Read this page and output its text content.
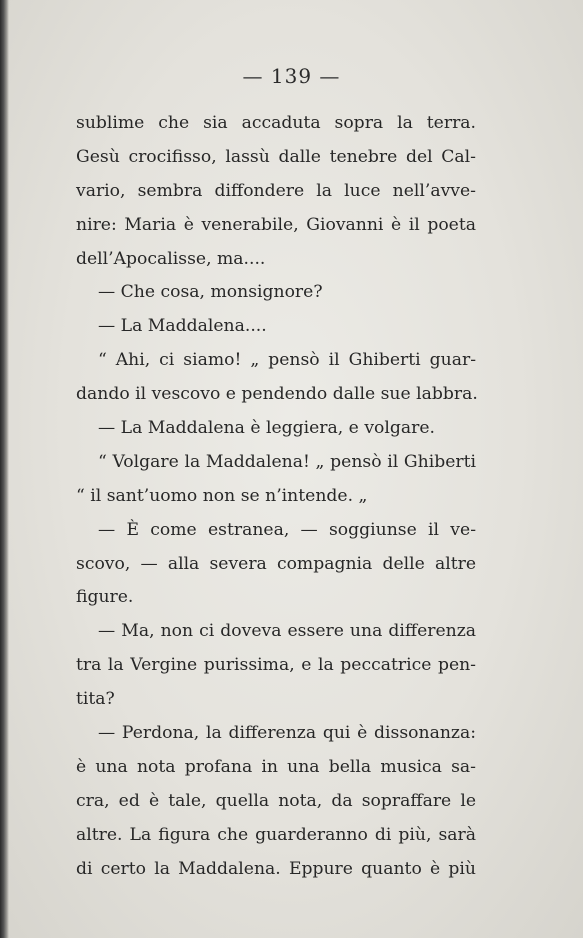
— 139 —
sublime che sia accaduta sopra la terra.
Gesù crocifisso, lassù dalle tenebre del Cal-
vario, sembra diffondere la luce nell’avve-
nire: Maria è venerabile, Giovanni è il poeta
dell’Apocalisse, ma....
— Che cosa, monsignore?
— La Maddalena....
“ Ahi, ci siamo! „ pensò il Ghiberti guar-
dando il vescovo e pendendo dalle sue labbra.
— La Maddalena è leggiera, e volgare.
“ Volgare la Maddalena! „ pensò il Ghiberti
“ il sant’uomo non se n’intende. „
— È come estranea, — soggiunse il ve-
scovo, — alla severa compagnia delle altre
figure.
— Ma, non ci doveva essere una differenza
tra la Vergine purissima, e la peccatrice pen-
tita?
— Perdona, la differenza qui è dissonanza:
è una nota profana in una bella musica sa-
cra, ed è tale, quella nota, da sopraffare le
altre. La figura che guarderanno di più, sarà
di certo la Maddalena. Eppure quanto è più
